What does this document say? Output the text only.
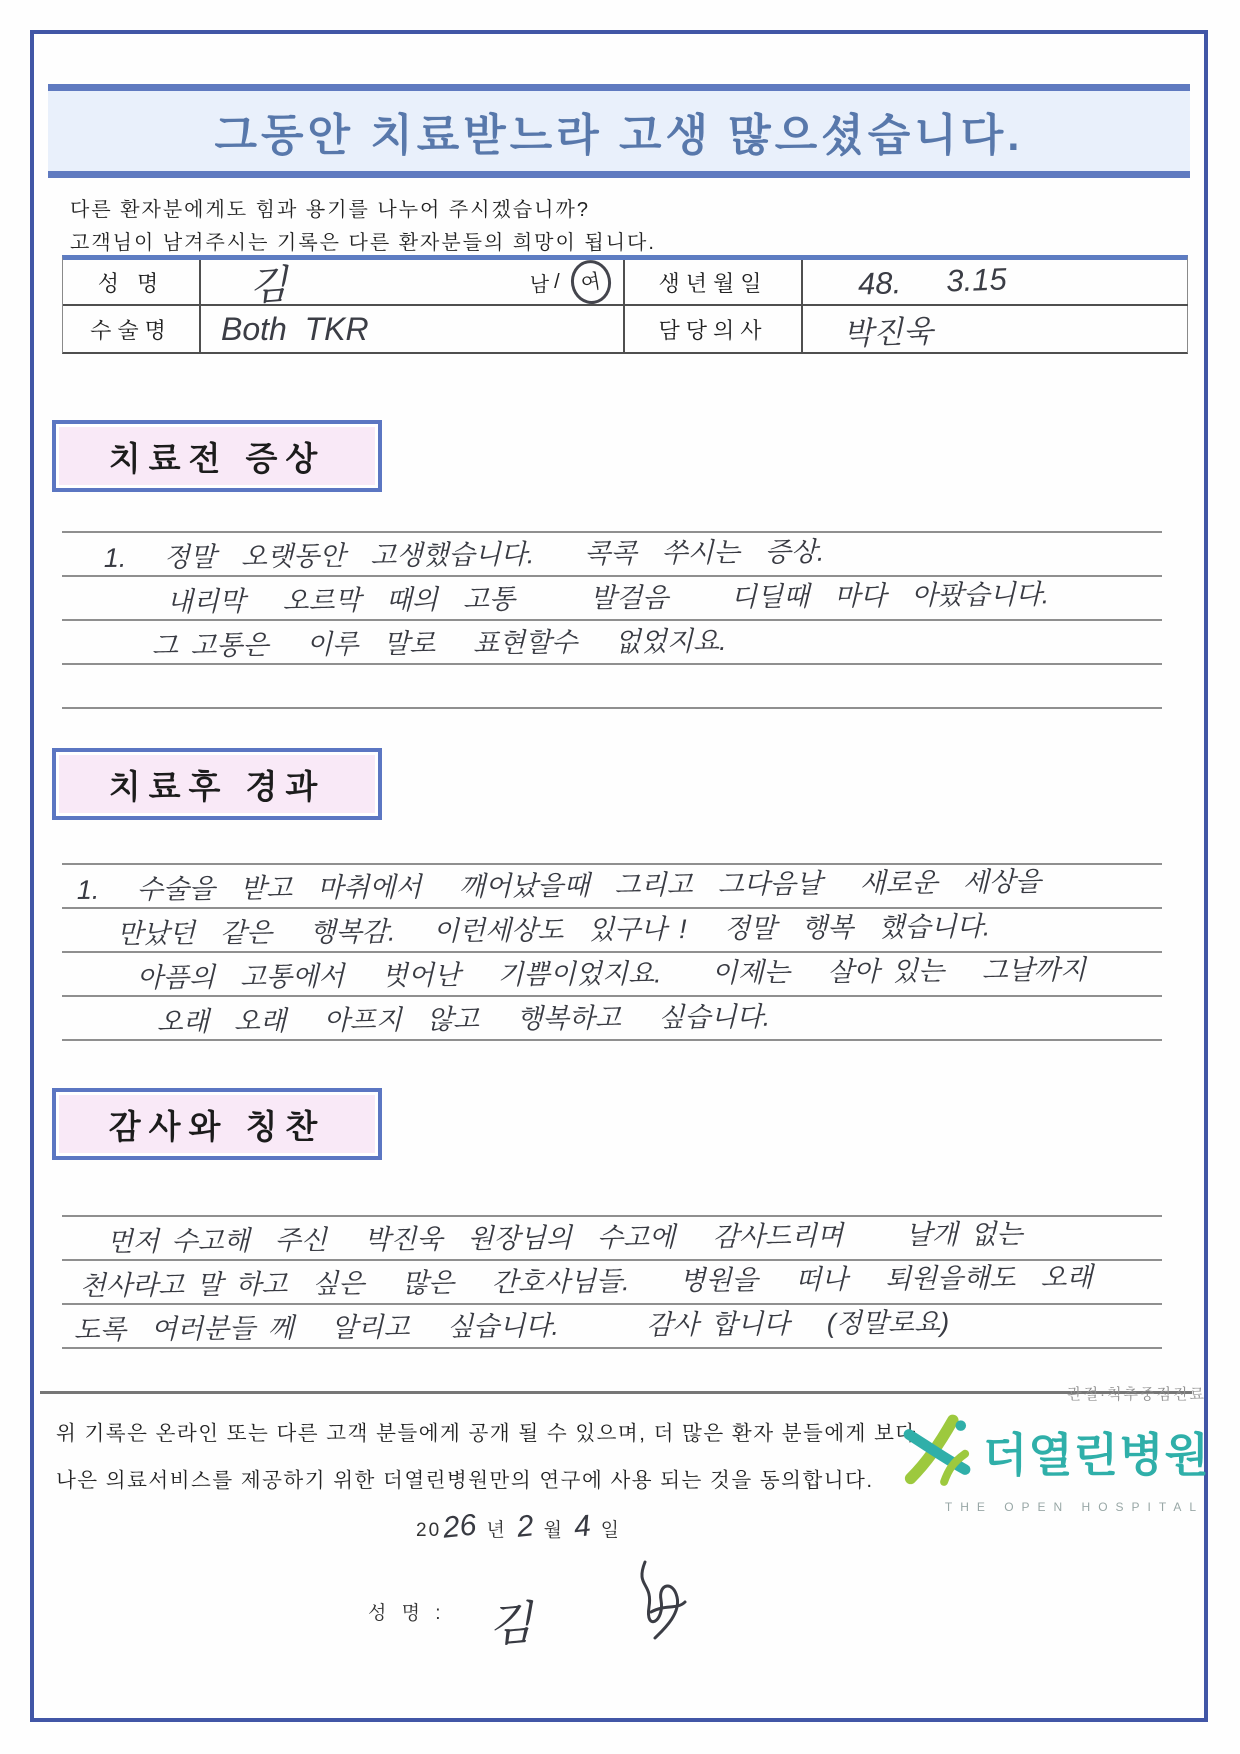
그동안 치료받느라 고생 많으셨습니다.
다른 환자분에게도 힘과 용기를 나누어 주시겠습니까?
고객님이 남겨주시는 기록은 다른 환자분들의 희망이 됩니다.
성 명	김	남 / 여	생년월일	48.  3.15
수술명	Both  TKR	담당의사	박진욱
치료전 증상
1.   정말  오랫동안  고생했습니다.    콕콕  쑤시는  증상.
내리막   오르막  때의  고통      발걸음     디딜때  마다  아팠습니다.
그 고통은   이루  말로   표현할수   없었지요.
치료후 경과
1.   수술을  받고  마취에서   깨어났을때  그리고  그다음날   새로운  세상을
만났던  같은   행복감.   이런세상도  있구나 !   정말  행복  했습니다.
아픔의  고통에서   벗어난   기쁨이었지요.    이제는   살아 있는   그날까지
오래  오래   아프지  않고   행복하고   싶습니다.
감사와 칭찬
먼저 수고해  주신   박진욱  원장님의  수고에   감사드리며     날개 없는
천사라고 말 하고  싶은   많은   간호사님들.    병원을   떠나   퇴원을해도  오래
도록  여러분들 께   알리고   싶습니다.       감사 합니다   (정말로요)
위 기록은 온라인 또는 다른 고객 분들에게 공개 될 수 있으며, 더 많은 환자 분들에게 보다
나은 의료서비스를 제공하기 위한 더열린병원만의 연구에 사용 되는 것을 동의합니다.
20 26 년 2 월 4 일
성 명 : 김
관절·척추중점진료
더열린병원
THE OPEN HOSPITAL
